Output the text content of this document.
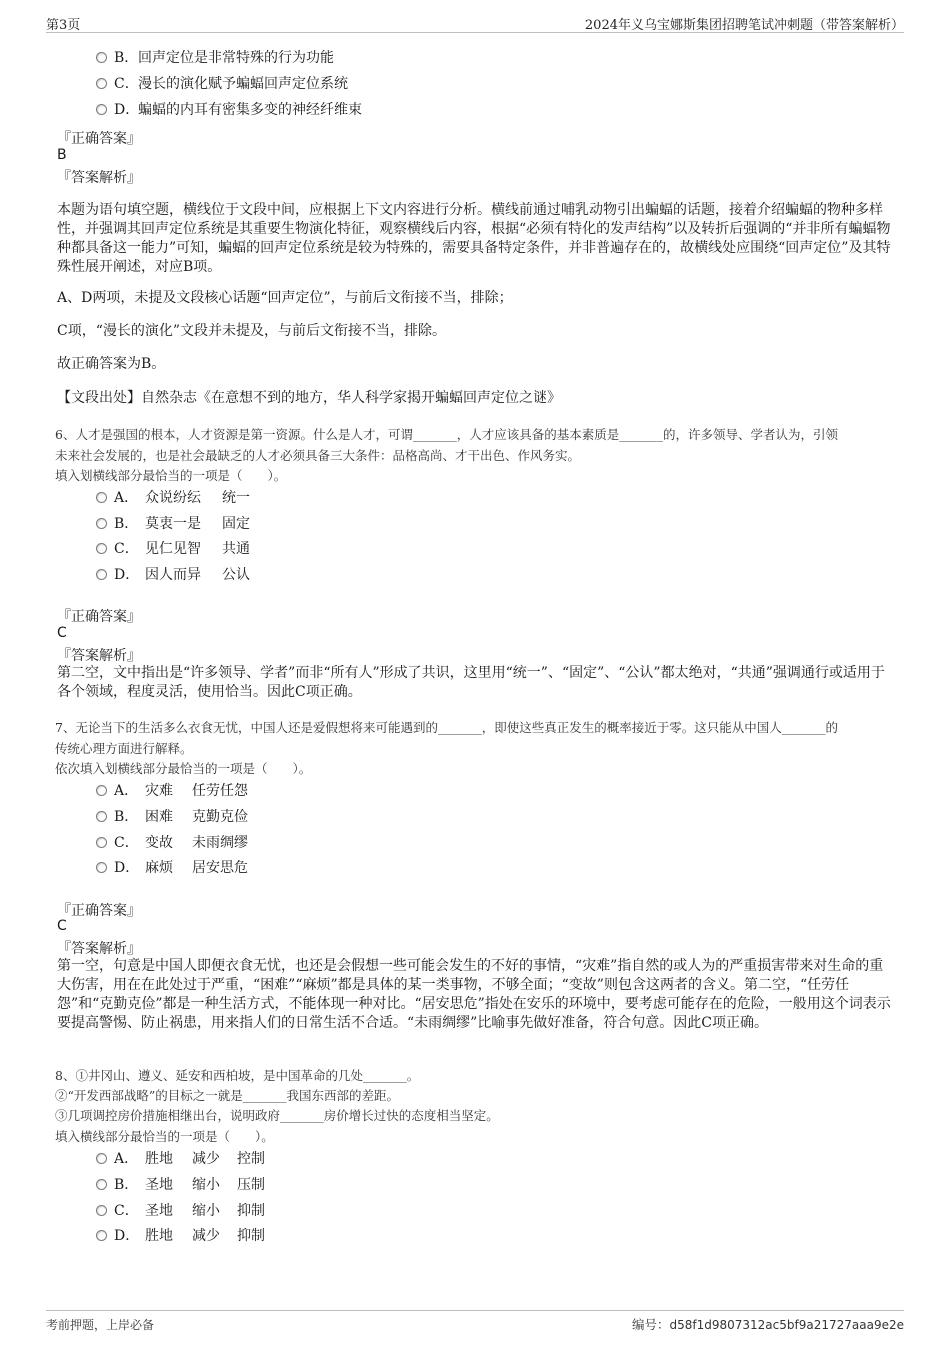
第3页	2024年义乌宝娜斯集团招聘笔试冲刺题（带答案解析）
B． 回声定位是非常特殊的行为功能
C． 漫长的演化赋予蝙蝠回声定位系统
D．
蝙蝠的内耳有密集多变的神经纤维束
『正确答案』
B
『答案解析』
本题为语句填空题，横线位于文段中间，应根据上下文内容进行分析。横线前通过哺乳动物引出蝙蝠的话题，接着介绍蝙蝠的物种多样性，并强调其回声定位系统是其重要生物演化特征，观察横线后内容，根据“必须有特化的发声结构”以及转折后强调的“并非所有蝙蝠物种都具备这一能力”可知，蝙蝠的回声定位系统是较为特殊的，需要具备特定条件，并非普遍存在的，故横线处应围绕“回声定位”及其特殊性展开阐述，对应B项。
A、D两项，未提及文段核心话题“回声定位”，与前后文衔接不当，排除；
C项，“漫长的演化”文段并未提及，与前后文衔接不当，排除。
故正确答案为B。
【文段出处】自然杂志《在意想不到的地方，华人科学家揭开蝙蝠回声定位之谜》
6、人才是强国的根本，人才资源是第一资源。什么是人才，可谓_______，人才应该具备的基本素质是_______的，许多领导、学者认为，引领
未来社会发展的，也是社会最缺乏的人才必须具备三大条件：品格高尚、才干出色、作风务实。
填入划横线部分最恰当的一项是（　　）。
A． 众说纷纭 统一
B． 莫衷一是 固定
C． 见仁见智 共通
D． 因人而异 公认
『正确答案』
C
『答案解析』
第二空，文中指出是“许多领导、学者”而非“所有人”形成了共识，这里用“统一”、“固定”、“公认”都太绝对，“共通”强调通行或适用于各个领域，程度灵活，使用恰当。因此C项正确。
7、无论当下的生活多么衣食无忧，中国人还是爱假想将来可能遇到的_______，即使这些真正发生的概率接近于零。这只能从中国人_______的
传统心理方面进行解释。
依次填入划横线部分最恰当的一项是（　　）。
A． 灾难 任劳任怨
B． 困难 克勤克俭
C． 变故 未雨绸缪
D． 麻烦 居安思危
『正确答案』
C
『答案解析』
第一空，句意是中国人即便衣食无忧，也还是会假想一些可能会发生的不好的事情，“灾难”指自然的或人为的严重损害带来对生命的重大伤害，用在在此处过于严重，“困难”“麻烦”都是具体的某一类事物，不够全面；“变故”则包含这两者的含义。第二空，“任劳任怨”和“克勤克俭”都是一种生活方式，不能体现一种对比。“居安思危”指处在安乐的环境中，要考虑可能存在的危险，一般用这个词表示要提高警惕、防止祸患，用来指人们的日常生活不合适。“未雨绸缪”比喻事先做好准备，符合句意。因此C项正确。
8、①井冈山、遵义、延安和西柏坡，是中国革命的几处_______。
②“开发西部战略”的目标之一就是_______我国东西部的差距。
③几项调控房价措施相继出台，说明政府_______房价增长过快的态度相当坚定。
填入横线部分最恰当的一项是（　　）。
A． 胜地 减少 控制
B． 圣地 缩小 压制
C． 圣地 缩小 抑制
D． 胜地 减少 抑制
考前押题，上岸必备	编号：d58f1d9807312ac5bf9a21727aaa9e2e
